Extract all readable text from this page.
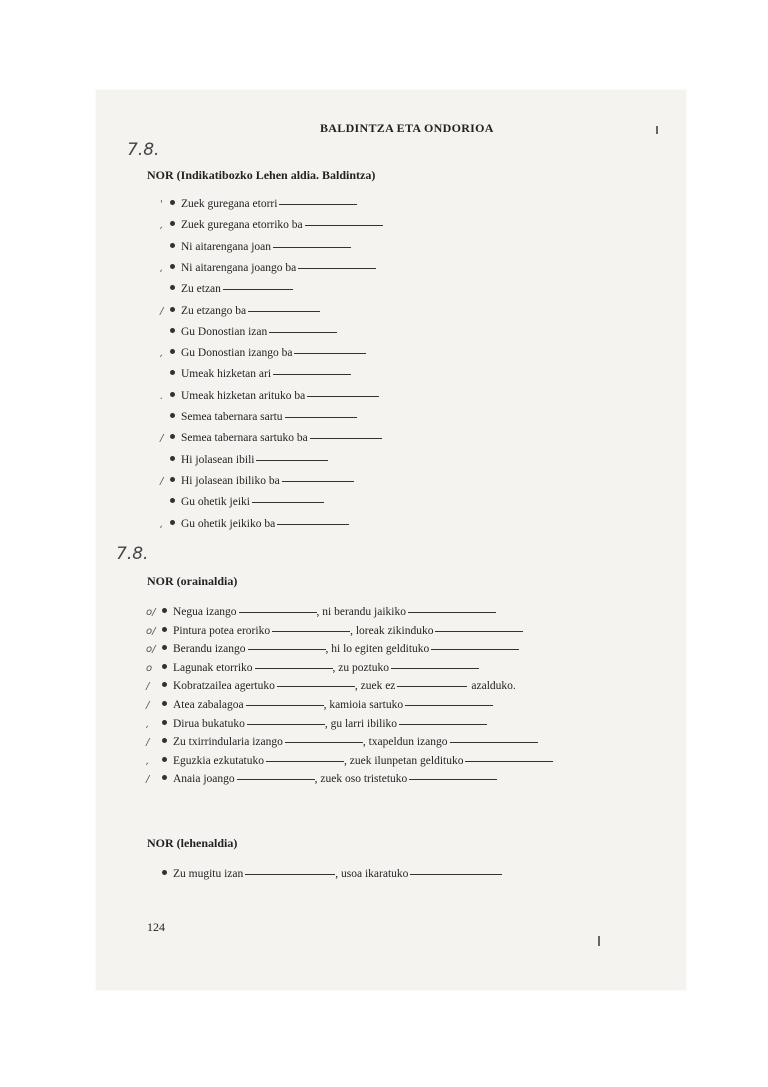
BALDINTZA ETA ONDORIOA
7.8.
NOR (Indikatibozko Lehen aldia. Baldintza)
7.8.
NOR (orainaldia)
NOR (lehenaldia)
124
' Zuek guregana etorri
, Zuek guregana etorriko ba
Ni aitarengana joan
, Ni aitarengana joango ba
Zu etzan
/ Zu etzango ba
Gu Donostian izan
, Gu Donostian izango ba
Umeak hizketan ari
. Umeak hizketan arituko ba
Semea tabernara sartu
/ Semea tabernara sartuko ba
Hi jolasean ibili
/ Hi jolasean ibiliko ba
Gu ohetik jeiki
, Gu ohetik jeikiko ba
o/ Negua izango	, ni berandu jaikiko
o/ Pintura potea eroriko	, loreak zikinduko
o/ Berandu izango	, hi lo egiten gelditukо
o Lagunak etorriko	, zu poztuko
/ Kobratzailea agertuko	, zuek ez	azalduko.
/ Atea zabalagoa	, kamioia sartuko
, Dirua bukatuko	, gu larri ibiliko
/ Zu txirrindularia izango	, txapeldun izango
, Eguzkia ezkutatuko	, zuek ilunpetan geldituko
/ Anaia joango	, zuek oso tristetuko
Zu mugitu izan	, usoa ikaratuko
